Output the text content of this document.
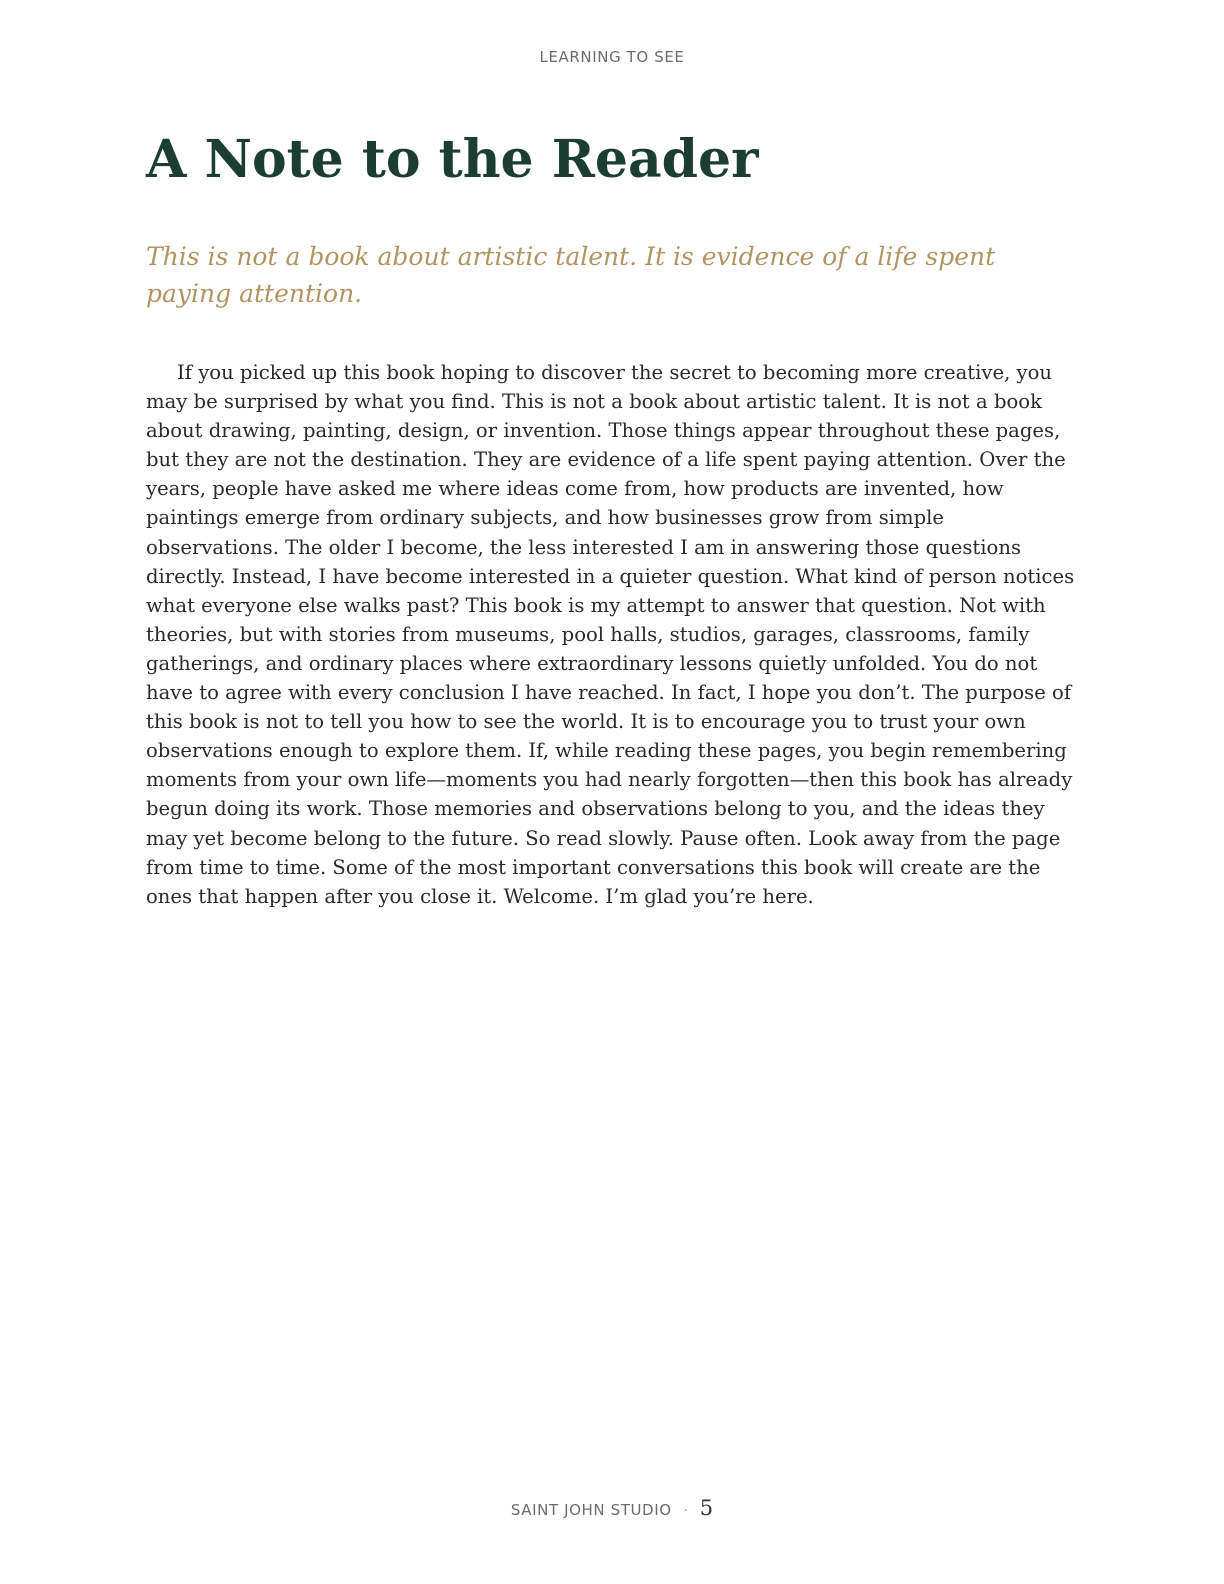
LEARNING TO SEE
A Note to the Reader

This is not a book about artistic talent. It is evidence of a life spent paying attention.

If you picked up this book hoping to discover the secret to becoming more creative, you may be surprised by what you find. This is not a book about artistic talent. It is not a book about drawing, painting, design, or invention. Those things appear throughout these pages, but they are not the destination. They are evidence of a life spent paying attention. Over the years, people have asked me where ideas come from, how products are invented, how paintings emerge from ordinary subjects, and how businesses grow from simple observations. The older I become, the less interested I am in answering those questions directly. Instead, I have become interested in a quieter question. What kind of person notices what everyone else walks past? This book is my attempt to answer that question. Not with theories, but with stories from museums, pool halls, studios, garages, classrooms, family gatherings, and ordinary places where extraordinary lessons quietly unfolded. You do not have to agree with every conclusion I have reached. In fact, I hope you don’t. The purpose of this book is not to tell you how to see the world. It is to encourage you to trust your own observations enough to explore them. If, while reading these pages, you begin remembering moments from your own life—moments you had nearly forgotten—then this book has already begun doing its work. Those memories and observations belong to you, and the ideas they may yet become belong to the future. So read slowly. Pause often. Look away from the page from time to time. Some of the most important conversations this book will create are the ones that happen after you close it. Welcome. I’m glad you’re here.

SAINT JOHN STUDIO · 5
